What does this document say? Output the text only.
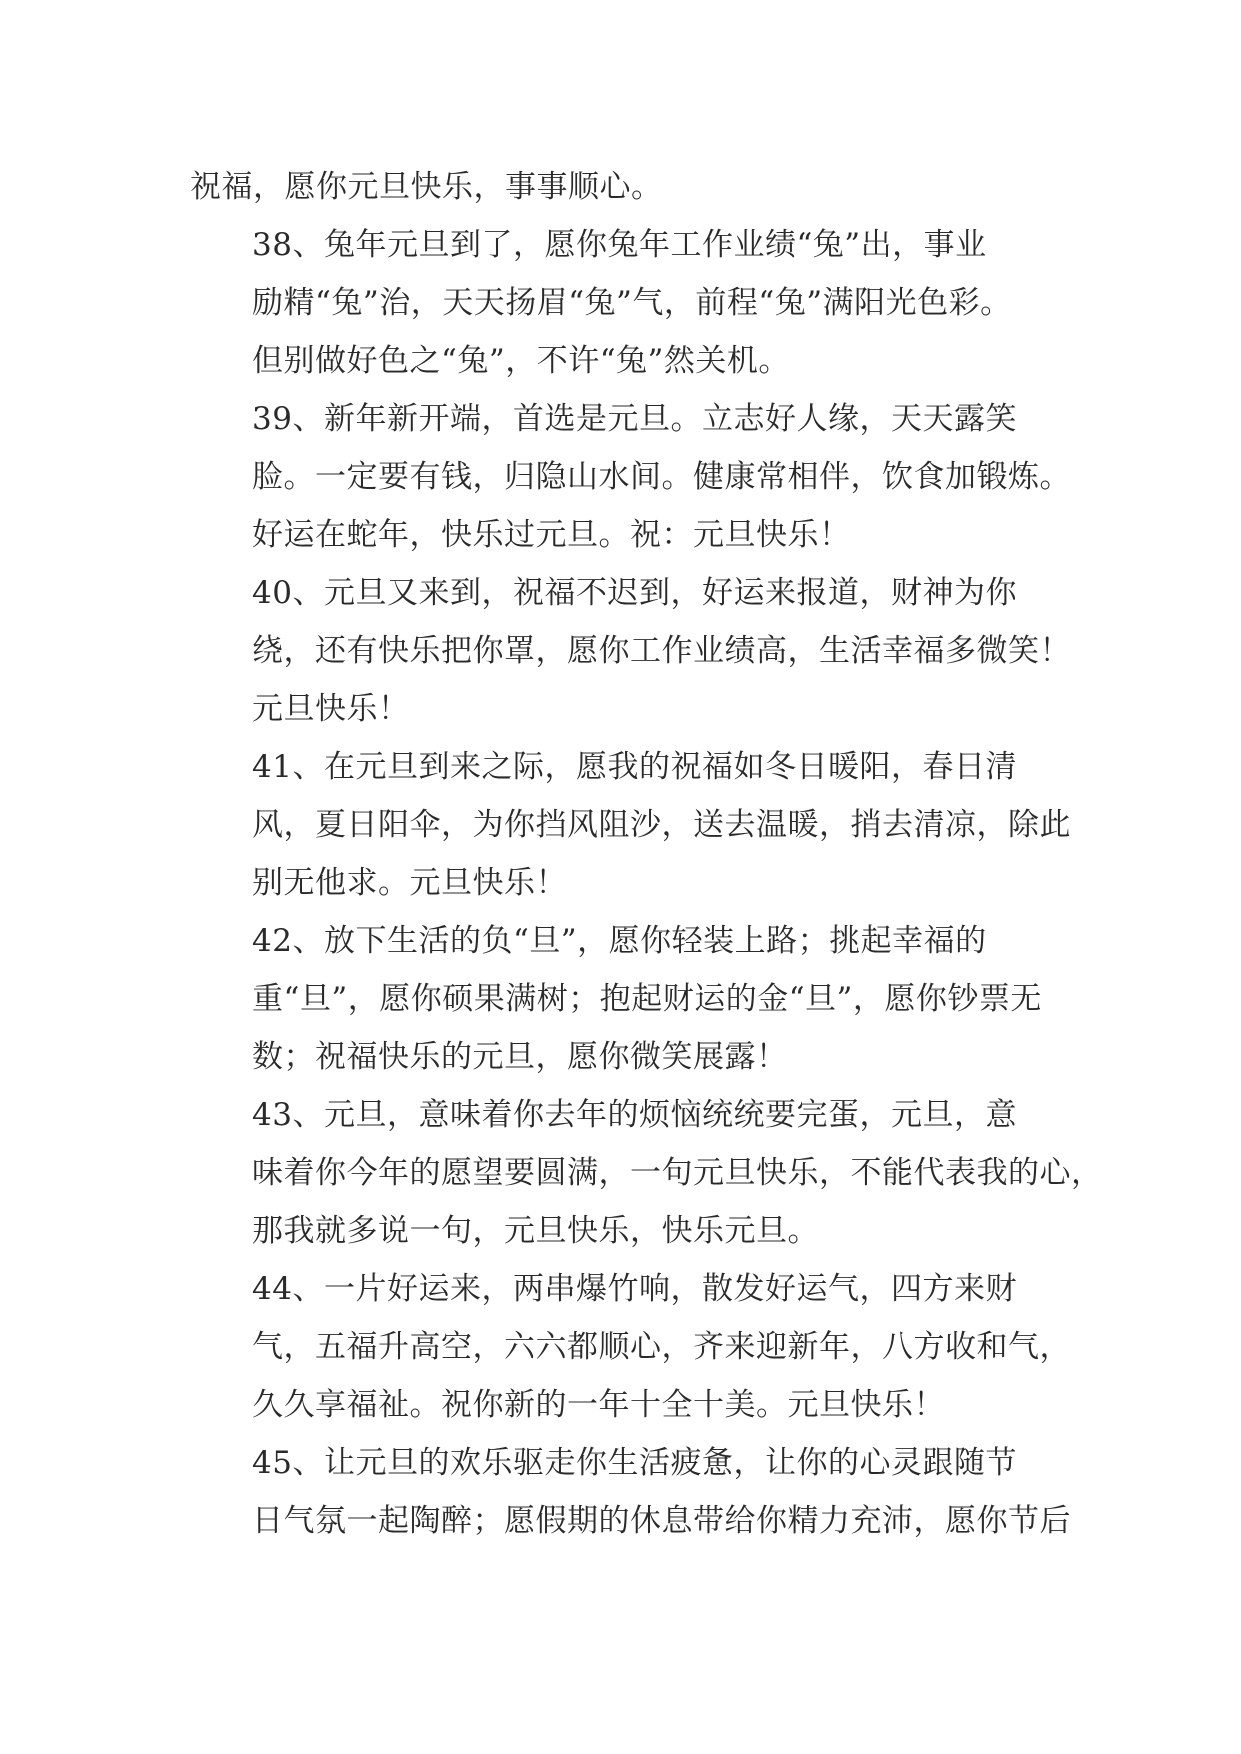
祝福，愿你元旦快乐，事事顺心。

38、兔年元旦到了，愿你兔年工作业绩“兔”出，事业
励精“兔”治，天天扬眉“兔”气，前程“兔”满阳光色彩。
但别做好色之“兔”，不许“兔”然关机。

39、新年新开端，首选是元旦。立志好人缘，天天露笑
脸。一定要有钱，归隐山水间。健康常相伴，饮食加锻炼。
好运在蛇年，快乐过元旦。祝：元旦快乐！

40、元旦又来到，祝福不迟到，好运来报道，财神为你
绕，还有快乐把你罩，愿你工作业绩高，生活幸福多微笑！
元旦快乐！

41、在元旦到来之际，愿我的祝福如冬日暖阳，春日清
风，夏日阳伞，为你挡风阻沙，送去温暖，捎去清凉，除此
别无他求。元旦快乐！

42、放下生活的负“旦”，愿你轻装上路；挑起幸福的
重“旦”，愿你硕果满树；抱起财运的金“旦”，愿你钞票无
数；祝福快乐的元旦，愿你微笑展露！

43、元旦，意味着你去年的烦恼统统要完蛋，元旦，意
味着你今年的愿望要圆满，一句元旦快乐，不能代表我的心，
那我就多说一句，元旦快乐，快乐元旦。

44、一片好运来，两串爆竹响，散发好运气，四方来财
气，五福升高空，六六都顺心，齐来迎新年，八方收和气，
久久享福祉。祝你新的一年十全十美。元旦快乐！

45、让元旦的欢乐驱走你生活疲惫，让你的心灵跟随节
日气氛一起陶醉；愿假期的休息带给你精力充沛，愿你节后
